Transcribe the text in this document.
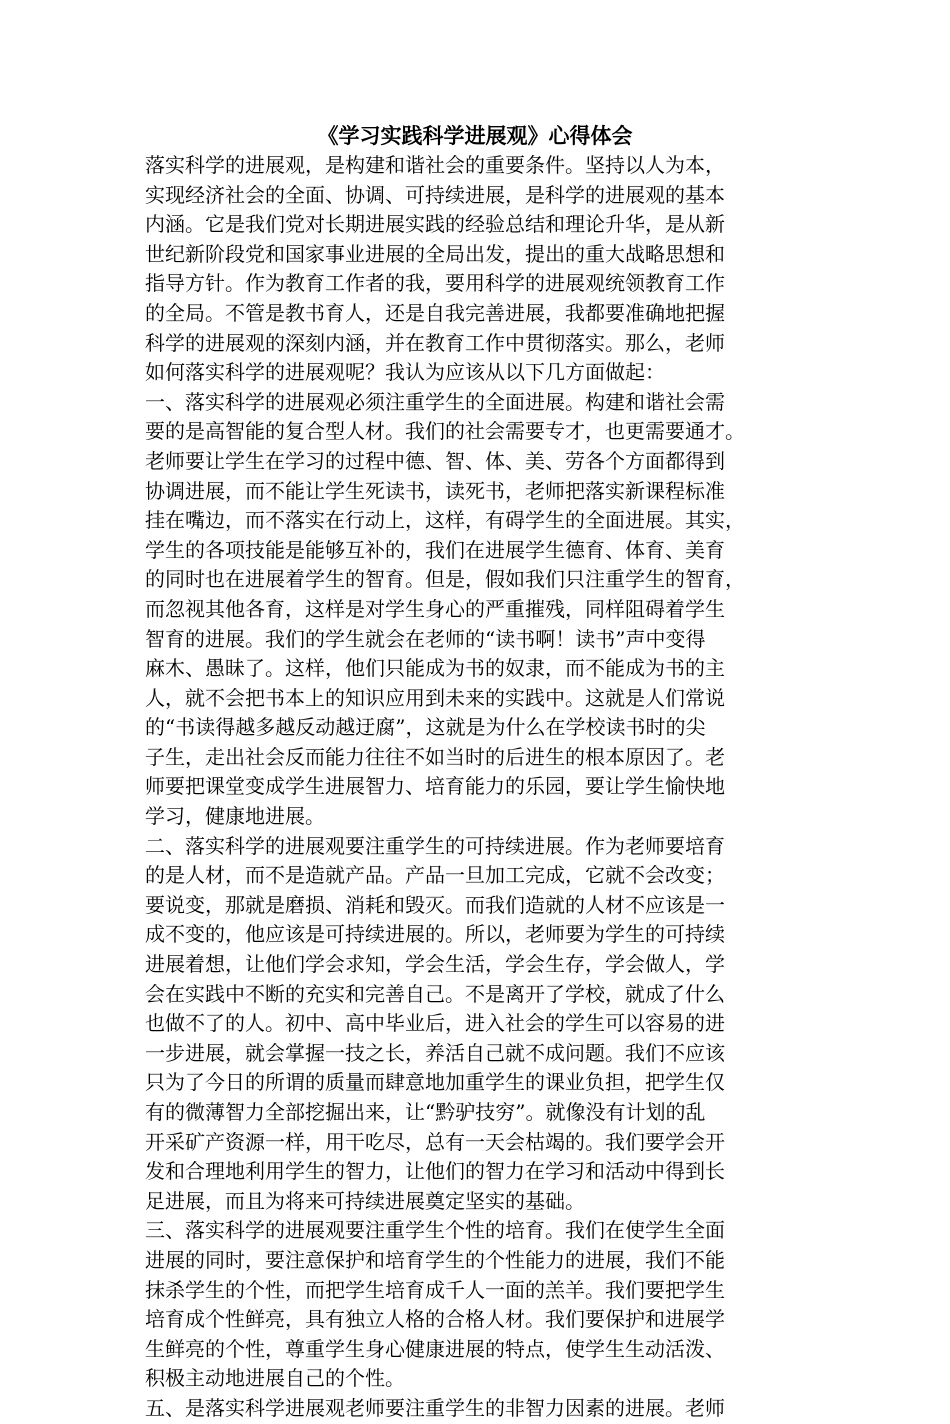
《学习实践科学进展观》心得体会
落实科学的进展观，是构建和谐社会的重要条件。坚持以人为本，
实现经济社会的全面、协调、可持续进展，是科学的进展观的基本
内涵。它是我们党对长期进展实践的经验总结和理论升华，是从新
世纪新阶段党和国家事业进展的全局出发，提出的重大战略思想和
指导方针。作为教育工作者的我，要用科学的进展观统领教育工作
的全局。不管是教书育人，还是自我完善进展，我都要准确地把握
科学的进展观的深刻内涵，并在教育工作中贯彻落实。那么，老师
如何落实科学的进展观呢？我认为应该从以下几方面做起：
一、落实科学的进展观必须注重学生的全面进展。构建和谐社会需
要的是高智能的复合型人材。我们的社会需要专才，也更需要通才。
老师要让学生在学习的过程中德、智、体、美、劳各个方面都得到
协调进展，而不能让学生死读书，读死书，老师把落实新课程标准
挂在嘴边，而不落实在行动上，这样，有碍学生的全面进展。其实，
学生的各项技能是能够互补的，我们在进展学生德育、体育、美育
的同时也在进展着学生的智育。但是，假如我们只注重学生的智育，
而忽视其他各育，这样是对学生身心的严重摧残，同样阻碍着学生
智育的进展。我们的学生就会在老师的“读书啊！读书”声中变得
麻木、愚昧了。这样，他们只能成为书的奴隶，而不能成为书的主
人，就不会把书本上的知识应用到未来的实践中。这就是人们常说
的“书读得越多越反动越迂腐”，这就是为什么在学校读书时的尖
子生，走出社会反而能力往往不如当时的后进生的根本原因了。老
师要把课堂变成学生进展智力、培育能力的乐园，要让学生愉快地
学习，健康地进展。
二、落实科学的进展观要注重学生的可持续进展。作为老师要培育
的是人材，而不是造就产品。产品一旦加工完成，它就不会改变；
要说变，那就是磨损、消耗和毁灭。而我们造就的人材不应该是一
成不变的，他应该是可持续进展的。所以，老师要为学生的可持续
进展着想，让他们学会求知，学会生活，学会生存，学会做人，学
会在实践中不断的充实和完善自己。不是离开了学校，就成了什么
也做不了的人。初中、高中毕业后，进入社会的学生可以容易的进
一步进展，就会掌握一技之长，养活自己就不成问题。我们不应该
只为了今日的所谓的质量而肆意地加重学生的课业负担，把学生仅
有的微薄智力全部挖掘出来，让“黔驴技穷”。就像没有计划的乱
开采矿产资源一样，用干吃尽，总有一天会枯竭的。我们要学会开
发和合理地利用学生的智力，让他们的智力在学习和活动中得到长
足进展，而且为将来可持续进展奠定坚实的基础。
三、落实科学的进展观要注重学生个性的培育。我们在使学生全面
进展的同时，要注意保护和培育学生的个性能力的进展，我们不能
抹杀学生的个性，而把学生培育成千人一面的羔羊。我们要把学生
培育成个性鲜亮，具有独立人格的合格人材。我们要保护和进展学
生鲜亮的个性，尊重学生身心健康进展的特点，使学生生动活泼、
积极主动地进展自己的个性。
五、是落实科学进展观老师要注重学生的非智力因素的进展。老师
